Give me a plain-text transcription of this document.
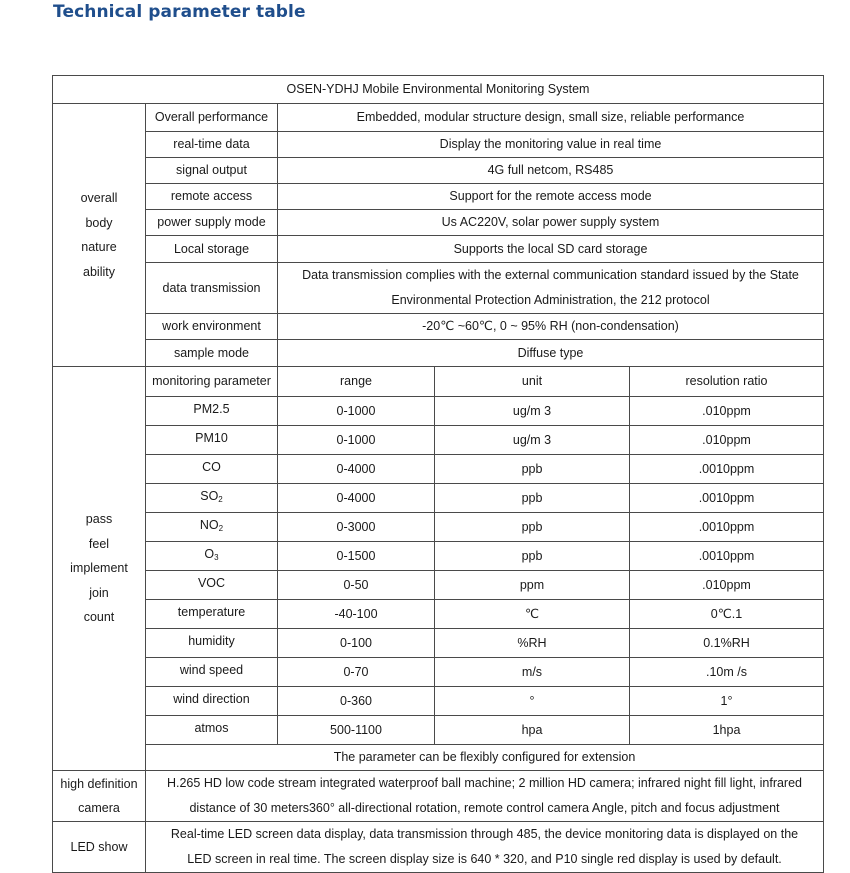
Technical parameter table
OSEN-YDHJ Mobile Environmental Monitoring System				

overall
body
nature
ability	Overall performance	Embedded, modular structure design, small size, reliable performance		
	real-time data	Display the monitoring value in real time		
	signal output	4G full netcom, RS485		
	remote access	Support for the remote access mode		
	power supply mode	Us AC220V, solar power supply system		
	Local storage	Supports the local SD card storage		
	data transmission	Data transmission complies with the external communication standard issued by the State
Environmental Protection Administration, the 212 protocol		

	work environment	-20℃ ~60℃, 0 ~ 95% RH (non-condensation)		
	sample mode	Diffuse type		

pass
feel
implement
join
count	monitoring parameter	range	unit	resolution ratio
	PM2.5	0-1000	ug/m 3	.010ppm
	PM10	0-1000	ug/m 3	.010ppm
	CO	0-4000	ppb	.0010ppm
	$SO_2$	0-4000	ppb	.0010ppm
	$NO_2$	0-3000	ppb	.0010ppm
	$O_3$	0-1500	ppb	.0010ppm
	VOC	0-50	ppm	.010ppm
	temperature	-40-100	℃	0℃.1
	humidity	0-100	%RH	0.1%RH
	wind speed	0-70	m/s	.10m /s
	wind direction	0-360	°	1°
	atmos	500-1100	hpa	1hpa
	The parameter can be flexibly configured for extension			

high definition
camera	H.265 HD low code stream integrated waterproof ball machine; 2 million HD camera; infrared night fill light, infrared
distance of 30 meters360° all-directional rotation, remote control camera Angle, pitch and focus adjustment			

LED show	Real-time LED screen data display, data transmission through 485, the device monitoring data is displayed on the
LED screen in real time. The screen display size is 640 * 320, and P10 single red display is used by default.			
